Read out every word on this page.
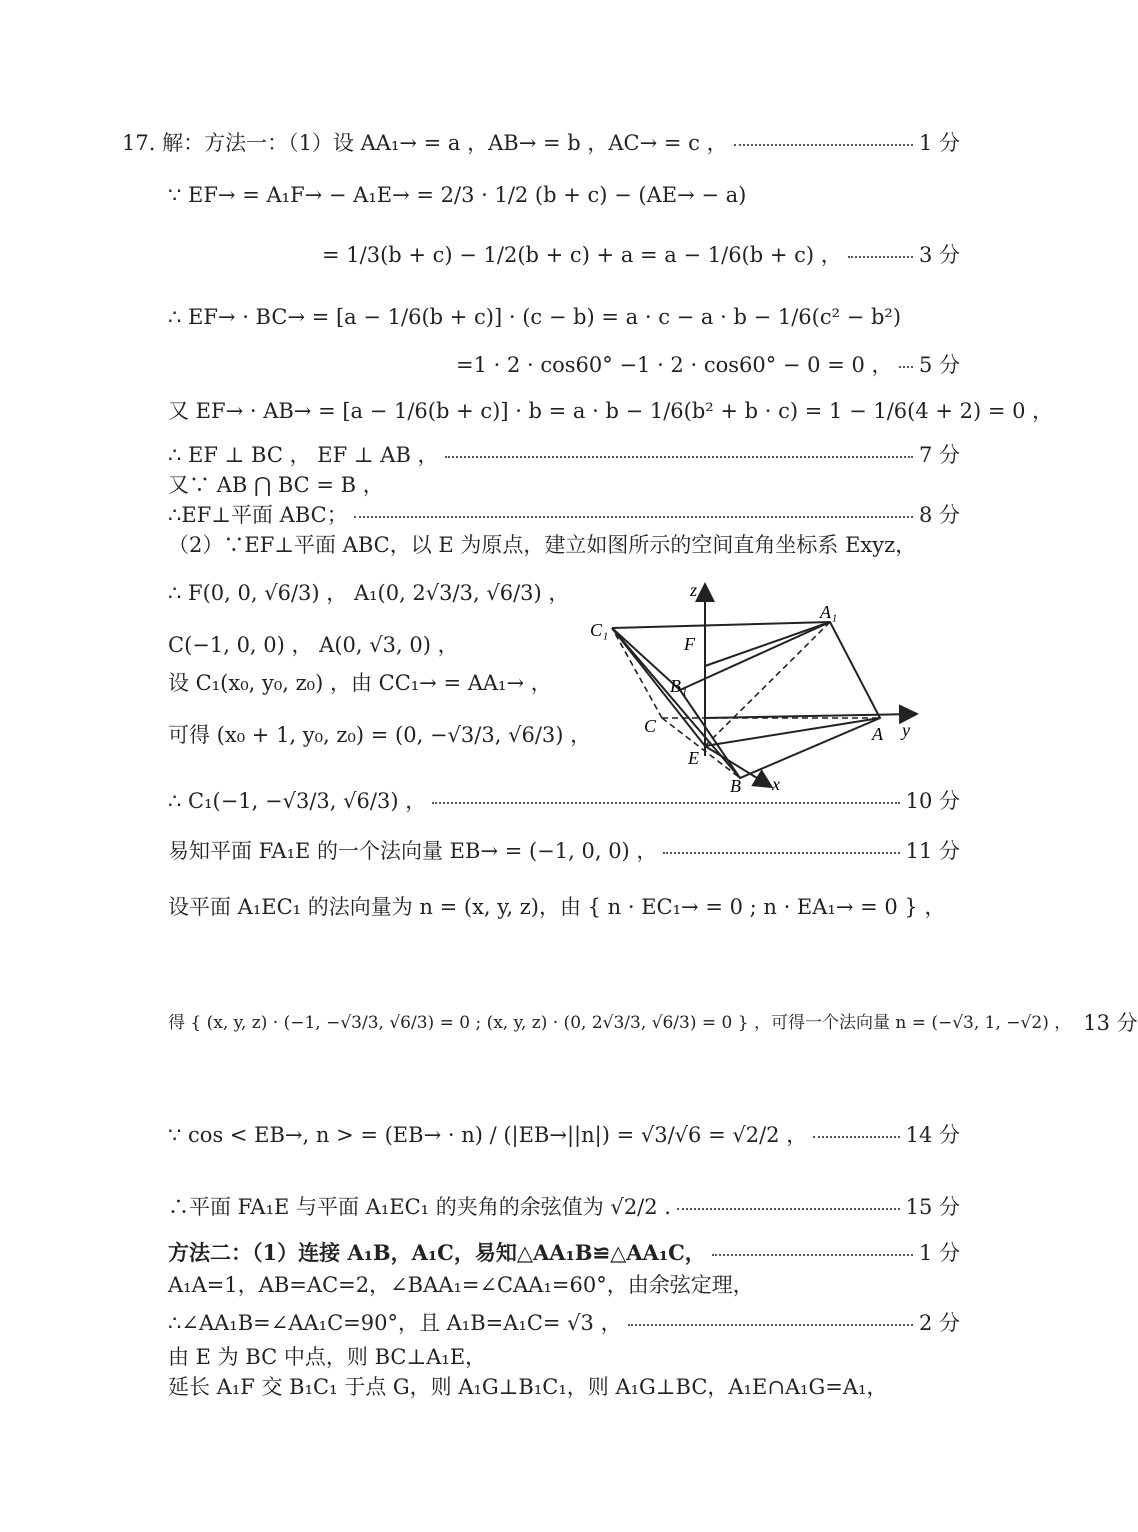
17. 解：方法一：（1）设 AA₁→ = a ，AB→ = b ，AC→ = c ，	1 分
∵ EF→ = A₁F→ − A₁E→ = 2/3 · 1/2 (b + c) − (AE→ − a)
= 1/3(b + c) − 1/2(b + c) + a = a − 1/6(b + c) ，	3 分
∴ EF→ · BC→ = [a − 1/6(b + c)] · (c − b) = a · c − a · b − 1/6(c² − b²)
=1 · 2 · cos60° −1 · 2 · cos60° − 0 = 0 ， 5 分
又 EF→ · AB→ = [a − 1/6(b + c)] · b = a · b − 1/6(b² + b · c) = 1 − 1/6(4 + 2) = 0 ，
∴ EF ⊥ BC ， EF ⊥ AB ，	7 分
又∵ AB ⋂ BC = B ，
∴EF⊥平面 ABC；	8 分
（2）∵EF⊥平面 ABC，以 E 为原点，建立如图所示的空间直角坐标系 Exyz，
∴ F(0, 0, √6/3) ， A₁(0, 2√3/3, √6/3) ，
C(−1, 0, 0) ， A(0, √3, 0) ，
设 C₁(x₀, y₀, z₀) ，由 CC₁→ = AA₁→ ，
可得 (x₀ + 1, y₀, z₀) = (0, −√3/3, √6/3) ，
∴ C₁(−1, −√3/3, √6/3) ，	10 分
易知平面 FA₁E 的一个法向量 EB→ = (−1, 0, 0) ，	11 分
设平面 A₁EC₁ 的法向量为 n = (x, y, z)，由 { n · EC₁→ = 0 ; n · EA₁→ = 0 } ，
得 { (x, y, z) · (−1, −√3/3, √6/3) = 0 ; (x, y, z) · (0, 2√3/3, √6/3) = 0 } ，可得一个法向量 n = (−√3, 1, −√2) ， 13 分
∵ cos < EB→, n > = (EB→ · n) / (|EB→||n|) = √3/√6 = √2/2 ，	14 分
∴平面 FA₁E 与平面 A₁EC₁ 的夹角的余弦值为 √2/2 .	15 分
方法二：（1）连接 A₁B，A₁C，易知△AA₁B≌△AA₁C，	1 分
A₁A=1，AB=AC=2，∠BAA₁=∠CAA₁=60°，由余弦定理，
∴∠AA₁B=∠AA₁C=90°，且 A₁B=A₁C= √3 ，	2 分
由 E 为 BC 中点，则 BC⊥A₁E，
延长 A₁F 交 B₁C₁ 于点 G，则 A₁G⊥B₁C₁，则 A₁G⊥BC，A₁E∩A₁G=A₁，
z
y
x
A₁
C₁
F
B₁
C	A
E
B
